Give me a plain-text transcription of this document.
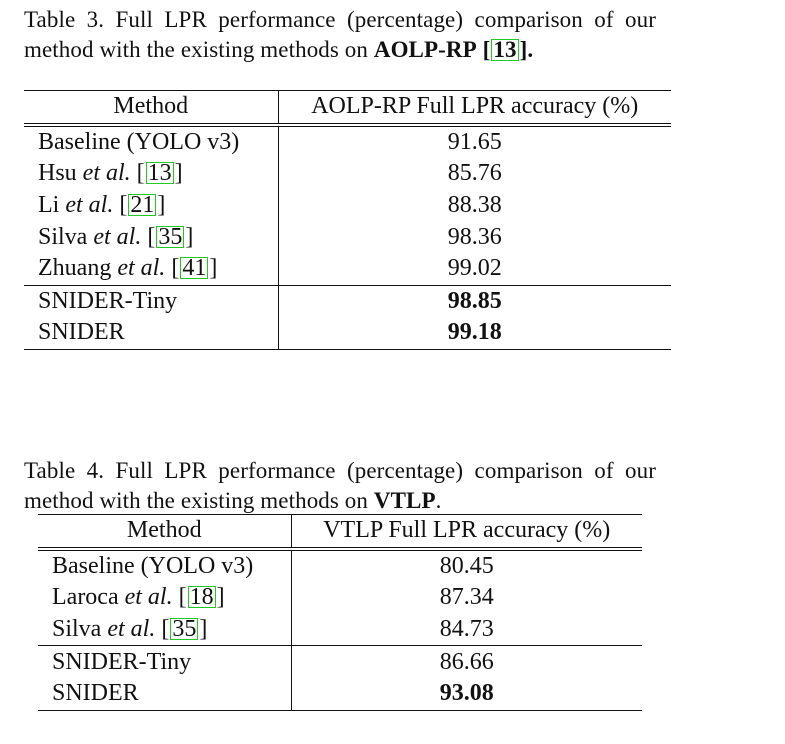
Table 3. Full LPR performance (percentage) comparison of our method with the existing methods on AOLP-RP [ 13 ].
Method	AOLP-RP Full LPR accuracy (%)
Baseline (YOLO v3)	91.65
Hsu et al. [ 13 ]	85.76
Li et al. [ 21 ]	88.38
Silva et al. [ 35 ]	98.36
Zhuang et al. [ 41 ]	99.02
SNIDER-Tiny	98.85
SNIDER	99.18
Table 4. Full LPR performance (percentage) comparison of our method with the existing methods on VTLP.
Method	VTLP Full LPR accuracy (%)
Baseline (YOLO v3)	80.45
Laroca et al. [ 18 ]	87.34
Silva et al. [ 35 ]	84.73
SNIDER-Tiny	86.66
SNIDER	93.08
